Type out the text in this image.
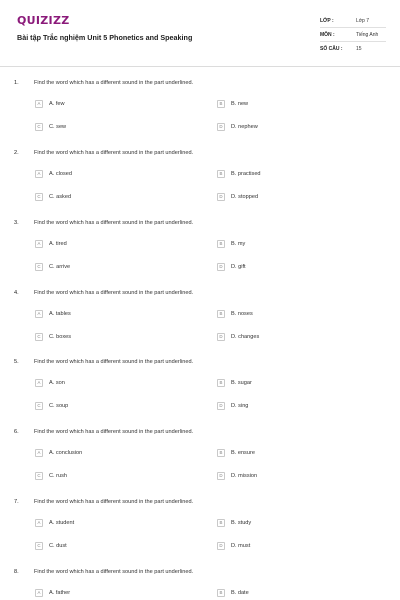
QUIZIZZ
Bài tập Trắc nghiệm Unit 5 Phonetics and Speaking
LỚP :	Lớp 7
MÔN :	Tiếng Anh
SỐ CÂU :	15
1.	Find the word which has a different sound in the part underlined.
A	A. few	B	B. new
C	C. sew	D	D. nephew
2.	Find the word which has a different sound in the part underlined.
A	A. closed	B	B. practised
C	C. asked	D	D. stopped
3.	Find the word which has a different sound in the part underlined.
A	A. tired	B	B. my
C	C. arrive	D	D. gift
4.	Find the word which has a different sound in the part underlined.
A	A. tables	B	B. noses
C	C. boxes	D	D. changes
5.	Find the word which has a different sound in the part underlined.
A	A. son	B	B. sugar
C	C. soup	D	D. sing
6.	Find the word which has a different sound in the part underlined.
A	A. conclusion	B	B. ensure
C	C. rush	D	D. mission
7.	Find the word which has a different sound in the part underlined.
A	A. student	B	B. study
C	C. dust	D	D. must
8.	Find the word which has a different sound in the part underlined.
A	A. father	B	B. date
